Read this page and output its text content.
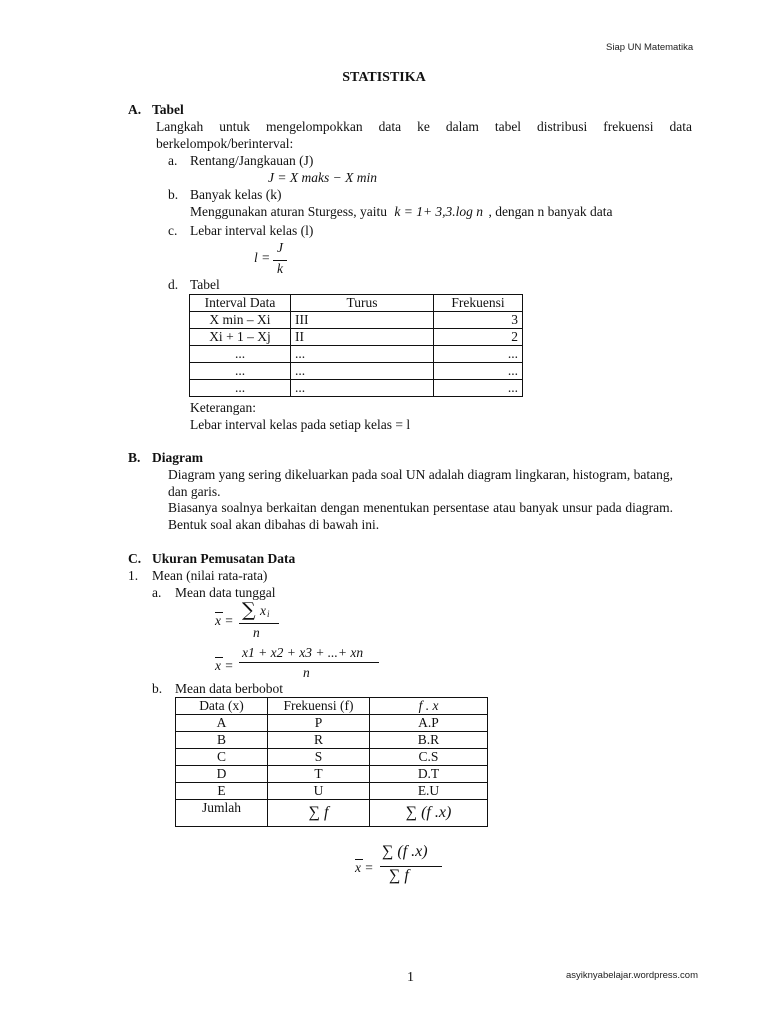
Siap UN Matematika
STATISTIKA
A. Tabel
Langkah untuk mengelompokkan data ke dalam tabel distribusi frekuensi data berkelompok/berinterval:
a. Rentang/Jangkauan (J)
J = X maks − X min
b. Banyak kelas (k)
Menggunakan aturan Sturgess, yaitu k = 1+ 3,3.log n , dengan n banyak data
c. Lebar interval kelas (l)
l =
J
k
d. Tabel
Interval Data	Turus	Frekuensi
X min – Xi	III	3
Xi + 1 – Xj	II	2
...	...	...
...	...	...
...	...	...
Keterangan:
Lebar interval kelas pada setiap kelas = l
B. Diagram
Diagram yang sering dikeluarkan pada soal UN adalah diagram lingkaran, histogram, batang, dan garis.
Biasanya soalnya berkaitan dengan menentukan persentase atau banyak unsur pada diagram. Bentuk soal akan dibahas di bawah ini.
C. Ukuran Pemusatan Data
1. Mean (nilai rata-rata)
a. Mean data tunggal
x = ∑ x i
n
x =
x1 + x2 + x3 + ...+ xn
n
b. Mean data berbobot
Data (x)	Frekuensi (f)	f . x
A	P	A.P
B	R	B.R
C	S	C.S
D	T	D.T
E	U	E.U
Jumlah	∑ f	∑ (f .x)
x =
∑ (f .x)
∑ f
1	asyiknyabelajar.wordpress.com
